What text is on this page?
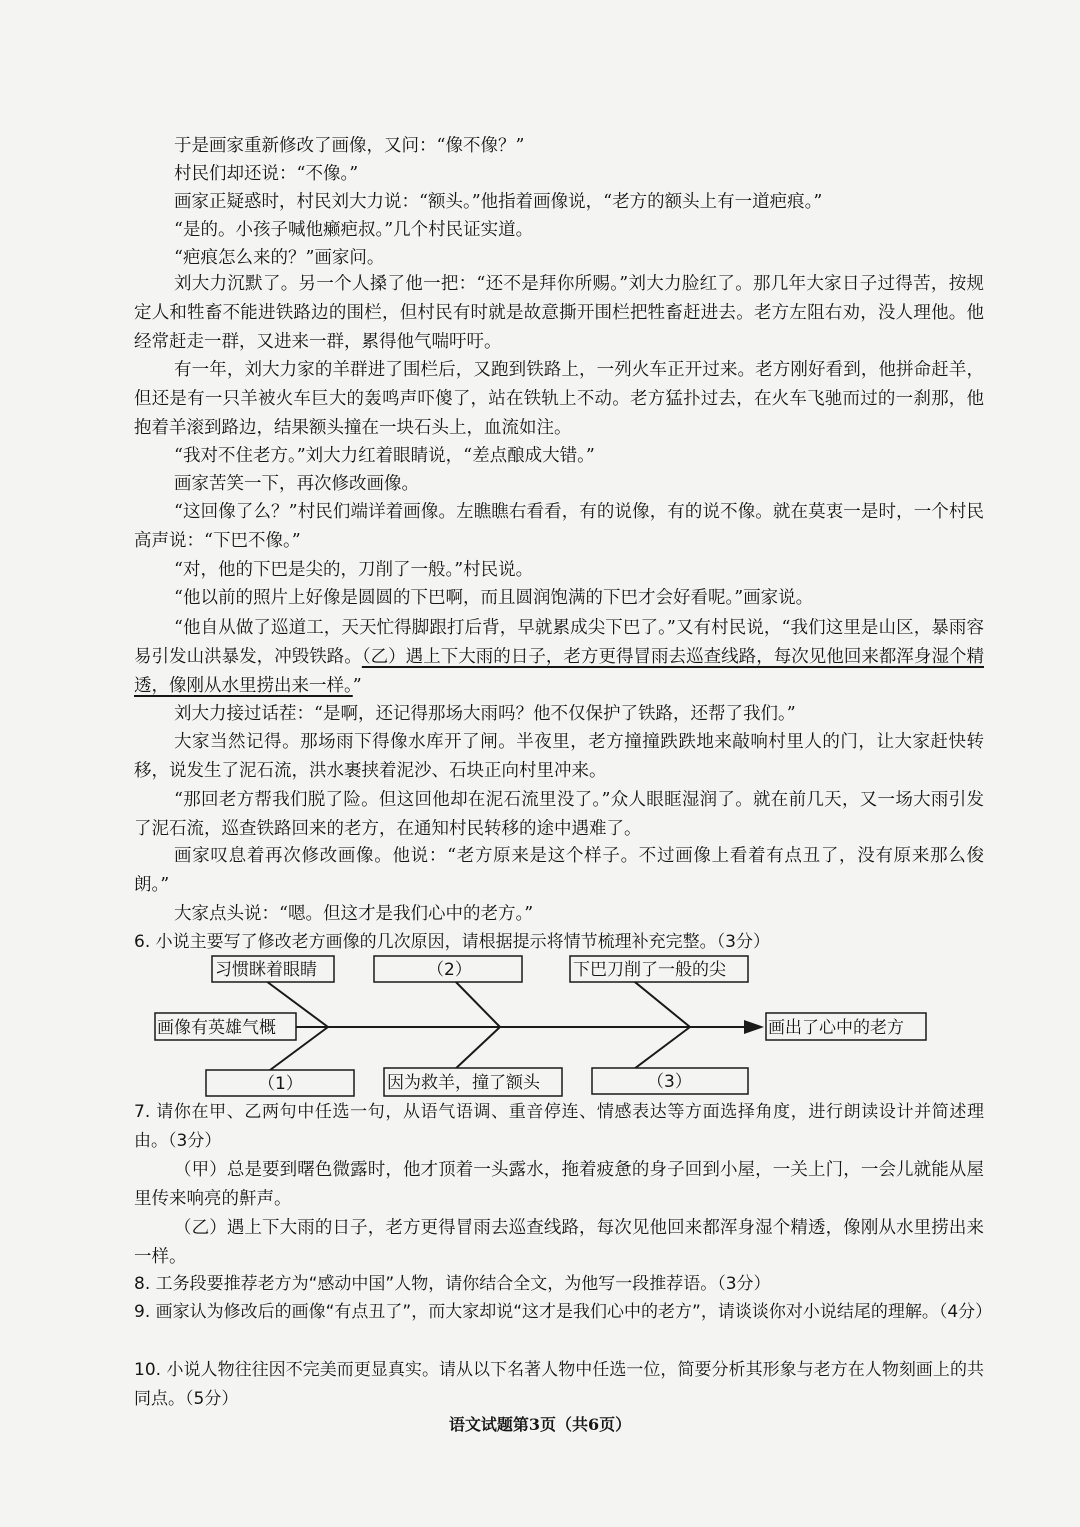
于是画家重新修改了画像，又问：“像不像？”

村民们却还说：“不像。”

画家正疑惑时，村民刘大力说：“额头。”他指着画像说，“老方的额头上有一道疤痕。”

“是的。小孩子喊他癞疤叔。”几个村民证实道。

“疤痕怎么来的？”画家问。

刘大力沉默了。另一个人搡了他一把：“还不是拜你所赐。”刘大力脸红了。那几年大家日子过得苦，按规定人和牲畜不能进铁路边的围栏，但村民有时就是故意撕开围栏把牲畜赶进去。老方左阻右劝，没人理他。他经常赶走一群，又进来一群，累得他气喘吁吁。

有一年，刘大力家的羊群进了围栏后，又跑到铁路上，一列火车正开过来。老方刚好看到，他拼命赶羊，但还是有一只羊被火车巨大的轰鸣声吓傻了，站在铁轨上不动。老方猛扑过去，在火车飞驰而过的一刹那，他抱着羊滚到路边，结果额头撞在一块石头上，血流如注。

“我对不住老方。”刘大力红着眼睛说，“差点酿成大错。”

画家苦笑一下，再次修改画像。

“这回像了么？”村民们端详着画像。左瞧瞧右看看，有的说像，有的说不像。就在莫衷一是时，一个村民高声说：“下巴不像。”

“对，他的下巴是尖的，刀削了一般。”村民说。

“他以前的照片上好像是圆圆的下巴啊，而且圆润饱满的下巴才会好看呢。”画家说。

“他自从做了巡道工，天天忙得脚跟打后背，早就累成尖下巴了。”又有村民说，“我们这里是山区，暴雨容易引发山洪暴发，冲毁铁路。（乙）遇上下大雨的日子，老方更得冒雨去巡查线路，每次见他回来都浑身湿个精透，像刚从水里捞出来一样。”

刘大力接过话茬：“是啊，还记得那场大雨吗？他不仅保护了铁路，还帮了我们。”

大家当然记得。那场雨下得像水库开了闸。半夜里，老方撞撞跌跌地来敲响村里人的门，让大家赶快转移，说发生了泥石流，洪水裹挟着泥沙、石块正向村里冲来。

“那回老方帮我们脱了险。但这回他却在泥石流里没了。”众人眼眶湿润了。就在前几天，又一场大雨引发了泥石流，巡查铁路回来的老方，在通知村民转移的途中遇难了。

画家叹息着再次修改画像。他说：“老方原来是这个样子。不过画像上看着有点丑了，没有原来那么俊朗。”

大家点头说：“嗯。但这才是我们心中的老方。”

6. 小说主要写了修改老方画像的几次原因，请根据提示将情节梳理补充完整。（3分）

画像有英雄气概	画出了心中的老方
习惯眯着眼睛	（2）	下巴刀削了一般的尖
（1）	因为救羊，撞了额头	（3）

7. 请你在甲、乙两句中任选一句，从语气语调、重音停连、情感表达等方面选择角度，进行朗读设计并简述理由。（3分）

（甲）总是要到曙色微露时，他才顶着一头露水，拖着疲惫的身子回到小屋，一关上门，一会儿就能从屋里传来响亮的鼾声。

（乙）遇上下大雨的日子，老方更得冒雨去巡查线路，每次见他回来都浑身湿个精透，像刚从水里捞出来一样。

8. 工务段要推荐老方为“感动中国”人物，请你结合全文，为他写一段推荐语。（3分）

9. 画家认为修改后的画像“有点丑了”，而大家却说“这才是我们心中的老方”，请谈谈你对小说结尾的理解。（4分）

10. 小说人物往往因不完美而更显真实。请从以下名著人物中任选一位，简要分析其形象与老方在人物刻画上的共同点。（5分）

语文试题第3页（共6页）
